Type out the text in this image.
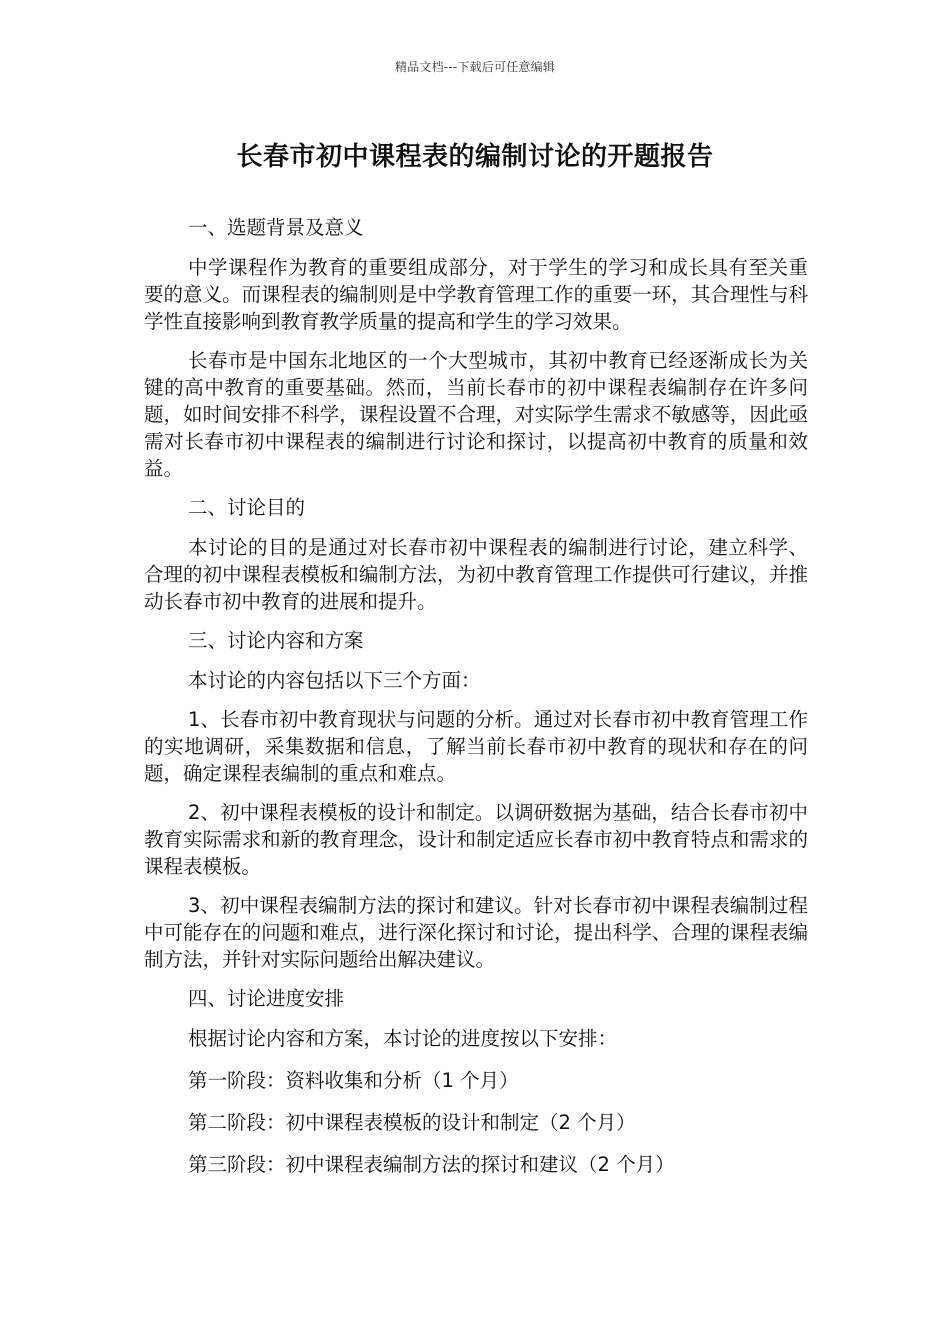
精品文档---下载后可任意编辑
长春市初中课程表的编制讨论的开题报告

一、选题背景及意义

中学课程作为教育的重要组成部分，对于学生的学习和成长具有至关重要的意义。而课程表的编制则是中学教育管理工作的重要一环，其合理性与科学性直接影响到教育教学质量的提高和学生的学习效果。

长春市是中国东北地区的一个大型城市，其初中教育已经逐渐成长为关键的高中教育的重要基础。然而，当前长春市的初中课程表编制存在许多问题，如时间安排不科学，课程设置不合理，对实际学生需求不敏感等，因此亟需对长春市初中课程表的编制进行讨论和探讨，以提高初中教育的质量和效益。

二、讨论目的

本讨论的目的是通过对长春市初中课程表的编制进行讨论，建立科学、合理的初中课程表模板和编制方法，为初中教育管理工作提供可行建议，并推动长春市初中教育的进展和提升。

三、讨论内容和方案

本讨论的内容包括以下三个方面：

1、长春市初中教育现状与问题的分析。通过对长春市初中教育管理工作的实地调研，采集数据和信息，了解当前长春市初中教育的现状和存在的问题，确定课程表编制的重点和难点。

2、初中课程表模板的设计和制定。以调研数据为基础，结合长春市初中教育实际需求和新的教育理念，设计和制定适应长春市初中教育特点和需求的课程表模板。

3、初中课程表编制方法的探讨和建议。针对长春市初中课程表编制过程中可能存在的问题和难点，进行深化探讨和讨论，提出科学、合理的课程表编制方法，并针对实际问题给出解决建议。

四、讨论进度安排

根据讨论内容和方案，本讨论的进度按以下安排：

第一阶段：资料收集和分析（1 个月）

第二阶段：初中课程表模板的设计和制定（2 个月）

第三阶段：初中课程表编制方法的探讨和建议（2 个月）
